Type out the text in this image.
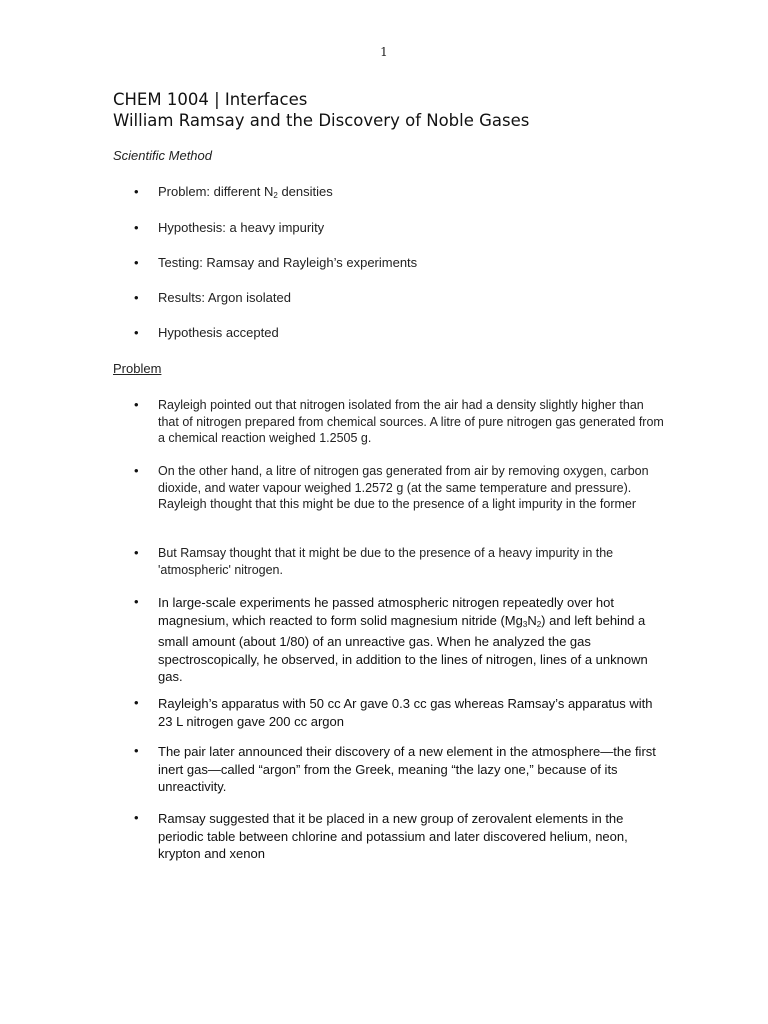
1
CHEM 1004 | Interfaces
William Ramsay and the Discovery of Noble Gases
Scientific Method
• Problem: different $N_2$ densities
• Hypothesis: a heavy impurity
• Testing: Ramsay and Rayleigh’s experiments
• Results: Argon isolated
• Hypothesis accepted
Problem
• Rayleigh pointed out that nitrogen isolated from the air had a density slightly higher than that of nitrogen prepared from chemical sources. A litre of pure nitrogen gas generated from a chemical reaction weighed 1.2505 g.
• On the other hand, a litre of nitrogen gas generated from air by removing oxygen, carbon dioxide, and water vapour weighed 1.2572 g (at the same temperature and pressure). Rayleigh thought that this might be due to the presence of a light impurity in the former
• But Ramsay thought that it might be due to the presence of a heavy impurity in the 'atmospheric' nitrogen.
• In large-scale experiments he passed atmospheric nitrogen repeatedly over hot magnesium, which reacted to form solid magnesium nitride $(Mg_3N_2)$ and left behind a small amount (about 1/80) of an unreactive gas. When he analyzed the gas spectroscopically, he observed, in addition to the lines of nitrogen, lines of a unknown gas.
• Rayleigh’s apparatus with 50 cc Ar gave 0.3 cc gas whereas Ramsay’s apparatus with 23 L nitrogen gave 200 cc argon
• The pair later announced their discovery of a new element in the atmosphere—the first inert gas—called “argon” from the Greek, meaning “the lazy one,” because of its unreactivity.
• Ramsay suggested that it be placed in a new group of zerovalent elements in the periodic table between chlorine and potassium and later discovered helium, neon, krypton and xenon
